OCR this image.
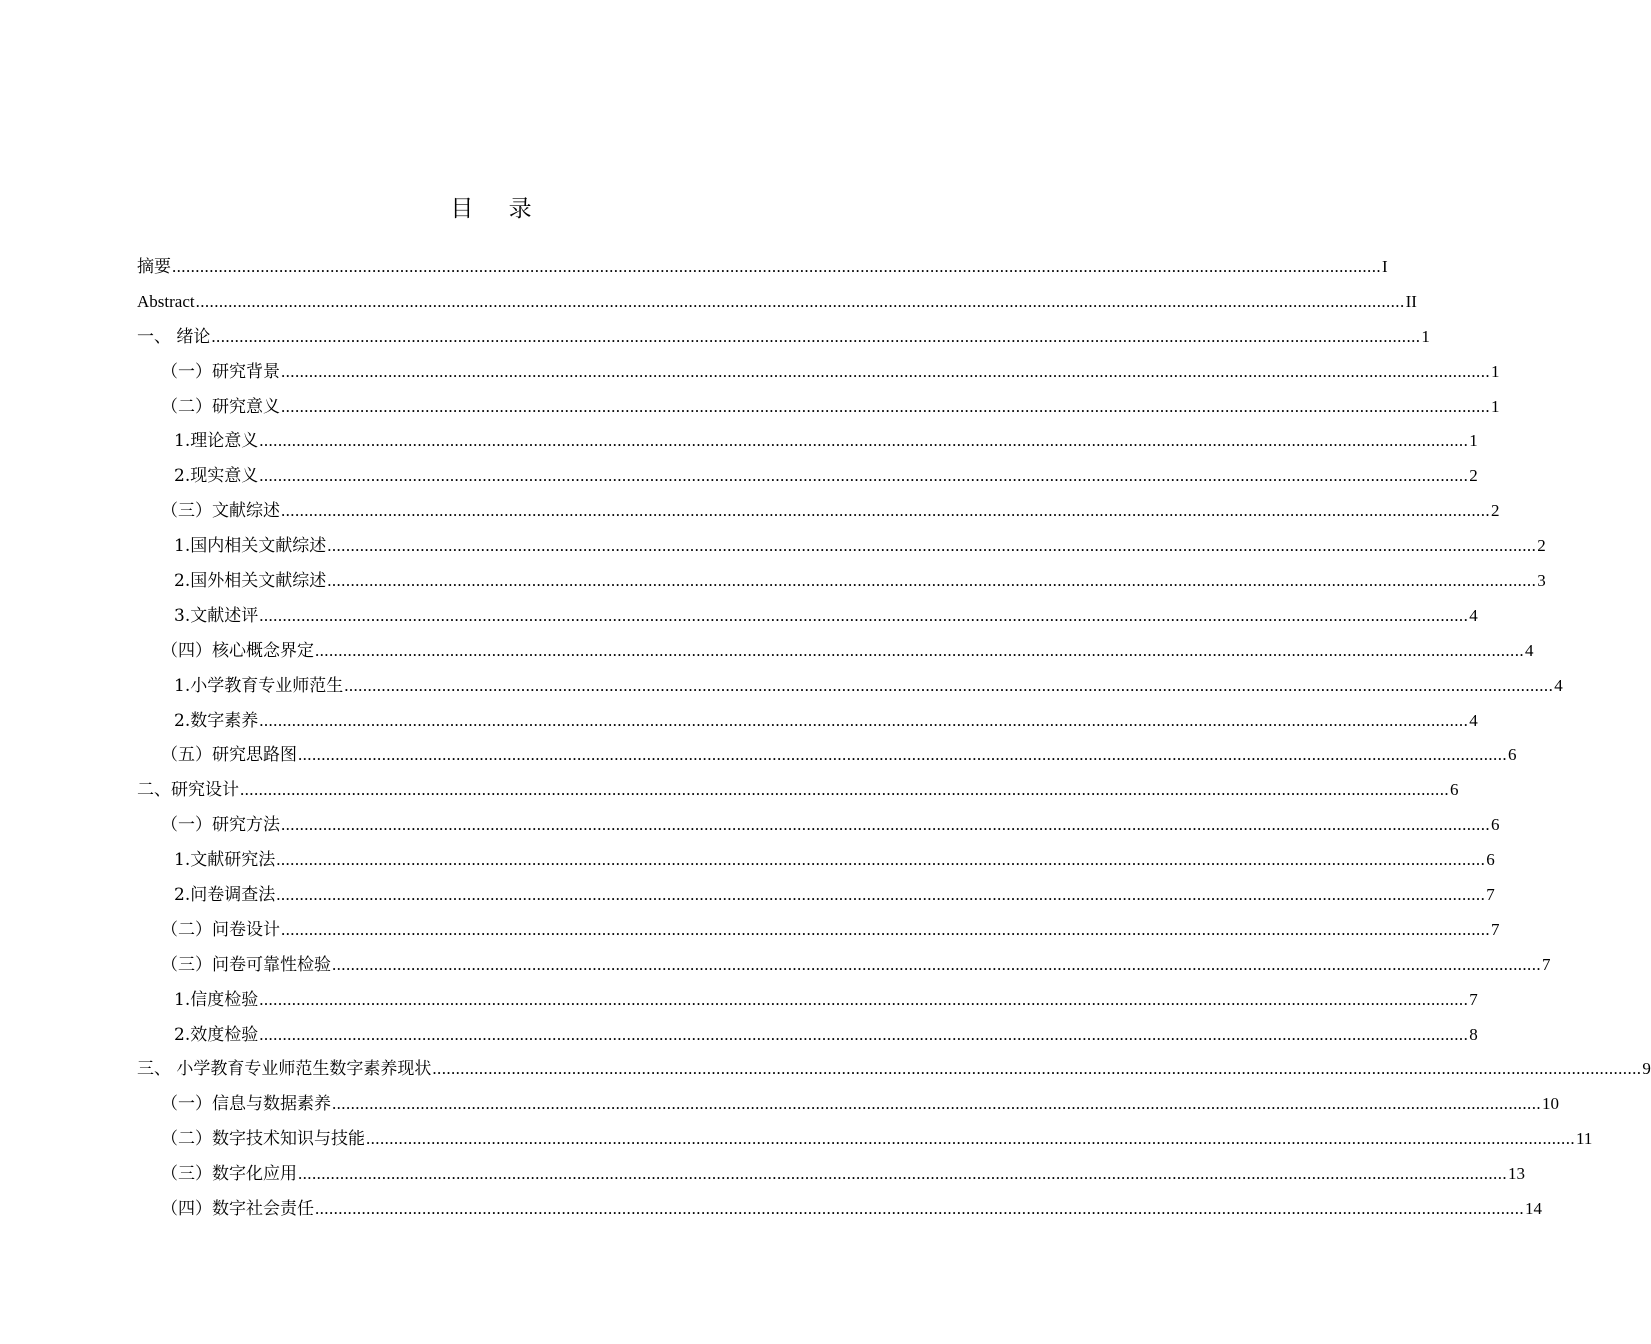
目 录
摘要 .................................................................................................................................................................................................................................................................... I
Abstract .................................................................................................................................................................................................................................................................... II
一、 绪论 .................................................................................................................................................................................................................................................................... 1
（一）研究背景 .................................................................................................................................................................................................................................................................... 1
（二）研究意义 .................................................................................................................................................................................................................................................................... 1
1.理论意义 .................................................................................................................................................................................................................................................................... 1
2.现实意义 .................................................................................................................................................................................................................................................................... 2
（三）文献综述 .................................................................................................................................................................................................................................................................... 2
1.国内相关文献综述 .................................................................................................................................................................................................................................................................... 2
2.国外相关文献综述 .................................................................................................................................................................................................................................................................... 3
3.文献述评 .................................................................................................................................................................................................................................................................... 4
（四）核心概念界定 .................................................................................................................................................................................................................................................................... 4
1.小学教育专业师范生 .................................................................................................................................................................................................................................................................... 4
2.数字素养 .................................................................................................................................................................................................................................................................... 4
（五）研究思路图 .................................................................................................................................................................................................................................................................... 6
二、研究设计 .................................................................................................................................................................................................................................................................... 6
（一）研究方法 .................................................................................................................................................................................................................................................................... 6
1.文献研究法 .................................................................................................................................................................................................................................................................... 6
2.问卷调查法 .................................................................................................................................................................................................................................................................... 7
（二）问卷设计 .................................................................................................................................................................................................................................................................... 7
（三）问卷可靠性检验 .................................................................................................................................................................................................................................................................... 7
1.信度检验 .................................................................................................................................................................................................................................................................... 7
2.效度检验 .................................................................................................................................................................................................................................................................... 8
三、 小学教育专业师范生数字素养现状 .................................................................................................................................................................................................................................................................... 9
（一）信息与数据素养 .................................................................................................................................................................................................................................................................... 10
（二）数字技术知识与技能 .................................................................................................................................................................................................................................................................... 11
（三）数字化应用 .................................................................................................................................................................................................................................................................... 13
（四）数字社会责任 .................................................................................................................................................................................................................................................................... 14
